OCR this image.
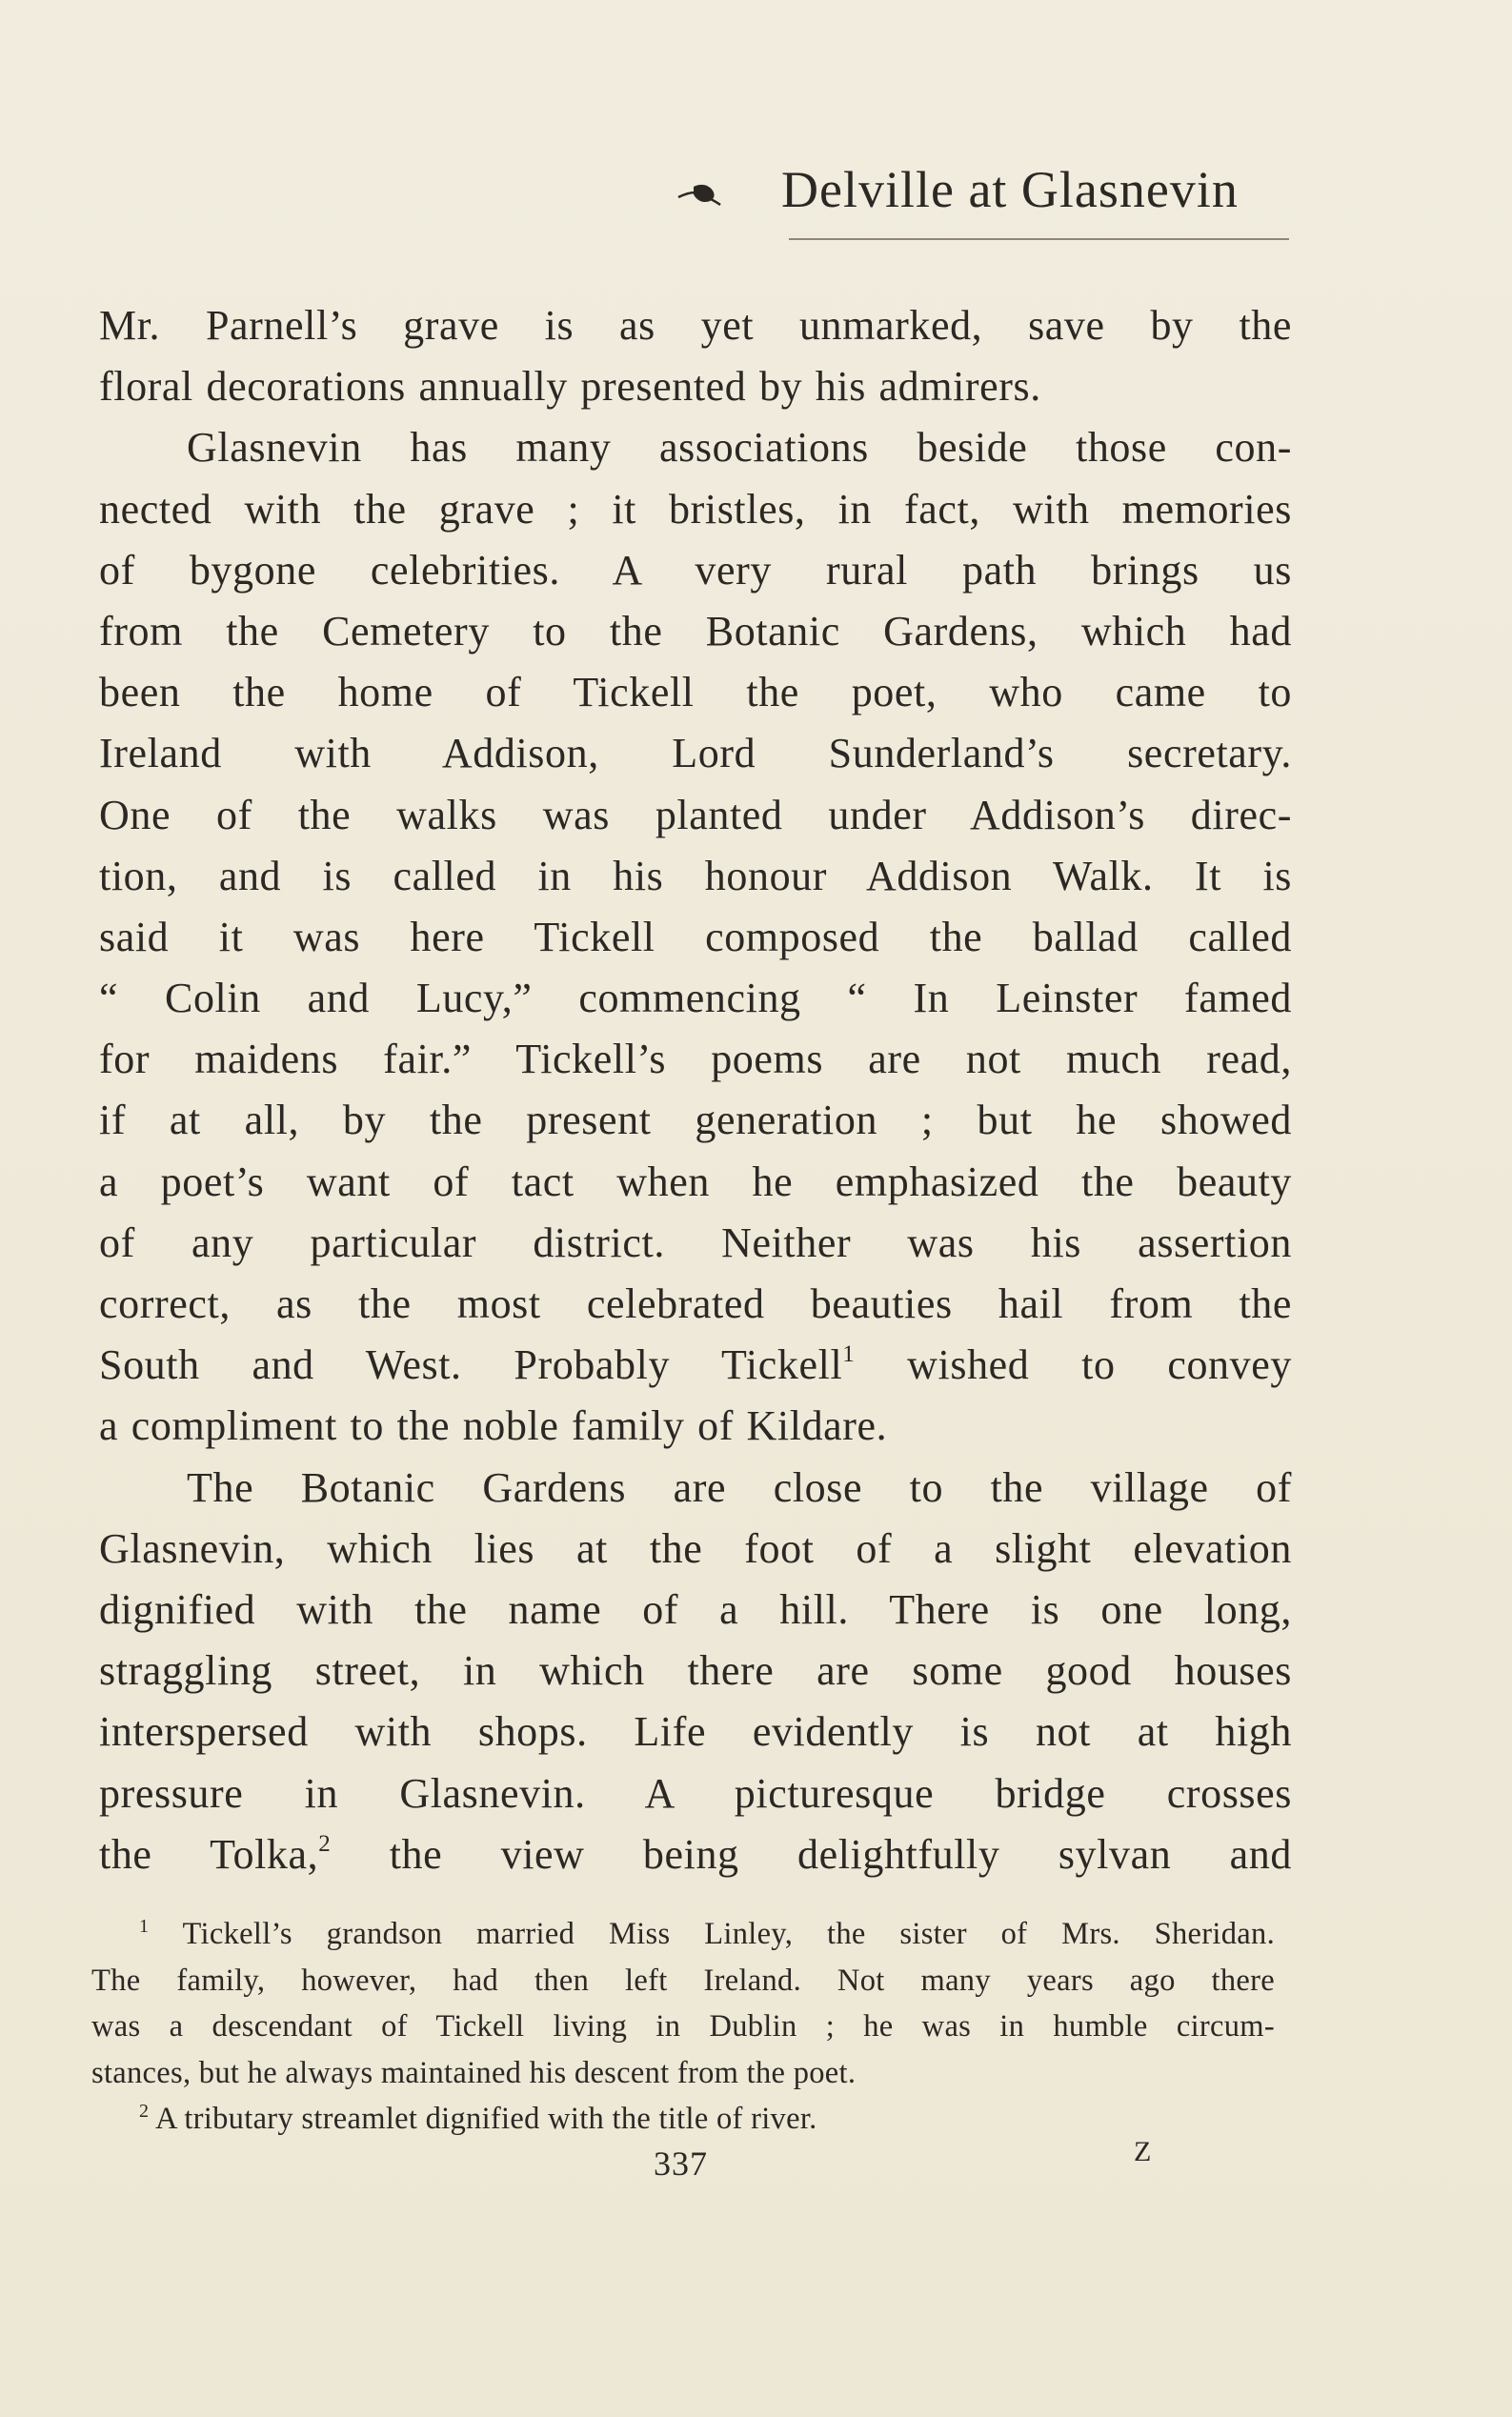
Delville at Glasnevin
Mr. Parnell’s grave is as yet unmarked, save by the
floral decorations annually presented by his admirers.
Glasnevin has many associations beside those con-
nected with the grave ; it bristles, in fact, with memories
of bygone celebrities. A very rural path brings us
from the Cemetery to the Botanic Gardens, which had
been the home of Tickell the poet, who came to
Ireland with Addison, Lord Sunderland’s secretary.
One of the walks was planted under Addison’s direc-
tion, and is called in his honour Addison Walk. It is
said it was here Tickell composed the ballad called
“ Colin and Lucy,” commencing “ In Leinster famed
for maidens fair.” Tickell’s poems are not much read,
if at all, by the present generation ; but he showed
a poet’s want of tact when he emphasized the beauty
of any particular district. Neither was his assertion
correct, as the most celebrated beauties hail from the
South and West. Probably Tickell$^1$ wished to convey
a compliment to the noble family of Kildare.
The Botanic Gardens are close to the village of
Glasnevin, which lies at the foot of a slight elevation
dignified with the name of a hill. There is one long,
straggling street, in which there are some good houses
interspersed with shops. Life evidently is not at high
pressure in Glasnevin. A picturesque bridge crosses
the Tolka,$^2$ the view being delightfully sylvan and
$^1$ Tickell’s grandson married Miss Linley, the sister of Mrs. Sheridan.
The family, however, had then left Ireland. Not many years ago there
was a descendant of Tickell living in Dublin ; he was in humble circum-
stances, but he always maintained his descent from the poet.
$^2$ A tributary streamlet dignified with the title of river.
337	Z
